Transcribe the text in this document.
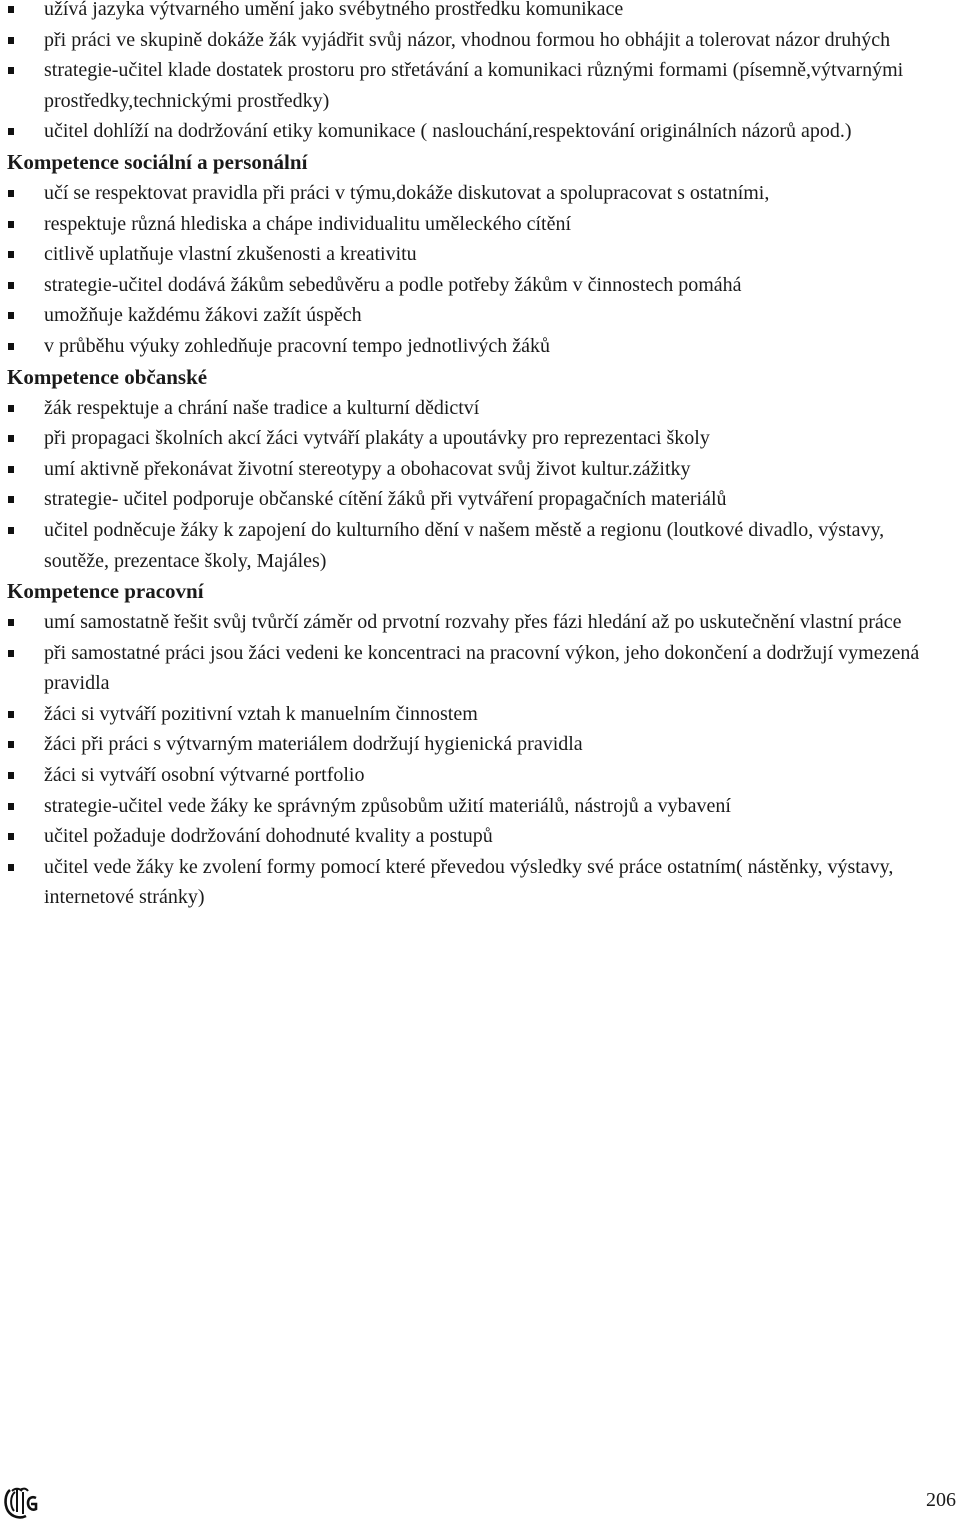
užívá jazyka výtvarného umění jako svébytného prostředku komunikace
při práci ve skupině dokáže žák vyjádřit svůj názor, vhodnou formou ho obhájit a tolerovat názor druhých
strategie-učitel klade dostatek prostoru pro střetávání a komunikaci různými formami (písemně,výtvarnými prostředky,technickými prostředky)
učitel dohlíží na dodržování etiky komunikace ( naslouchání,respektování originálních názorů apod.)
Kompetence sociální a personální
učí se respektovat pravidla při práci v týmu,dokáže diskutovat a spolupracovat s ostatními,
respektuje různá hlediska a chápe individualitu uměleckého cítění
citlivě uplatňuje vlastní zkušenosti a kreativitu
strategie-učitel dodává žákům sebedůvěru a podle potřeby žákům v činnostech pomáhá
umožňuje každému žákovi zažít úspěch
v průběhu výuky zohledňuje pracovní tempo jednotlivých žáků
Kompetence občanské
žák respektuje a chrání naše tradice a kulturní dědictví
při propagaci školních akcí žáci vytváří plakáty a upoutávky pro reprezentaci školy
umí aktivně překonávat životní stereotypy a obohacovat svůj život kultur.zážitky
strategie- učitel podporuje občanské cítění žáků při vytváření propagačních materiálů
učitel podněcuje žáky k zapojení do kulturního dění v našem městě a regionu (loutkové divadlo, výstavy, soutěže, prezentace školy, Majáles)
Kompetence pracovní
umí samostatně řešit svůj tvůrčí záměr od prvotní rozvahy přes fázi hledání až po uskutečnění vlastní práce
při samostatné práci jsou žáci vedeni ke koncentraci na pracovní výkon, jeho dokončení a dodržují vymezená pravidla
žáci si vytváří pozitivní vztah k manuelním činnostem
žáci při práci s výtvarným materiálem dodržují hygienická pravidla
žáci si vytváří osobní výtvarné portfolio
strategie-učitel vede žáky ke správným způsobům užití materiálů, nástrojů a vybavení
učitel požaduje dodržování dohodnuté kvality a postupů
učitel vede žáky ke zvolení formy pomocí které převedou výsledky své práce ostatním( nástěnky, výstavy, internetové stránky)
206
